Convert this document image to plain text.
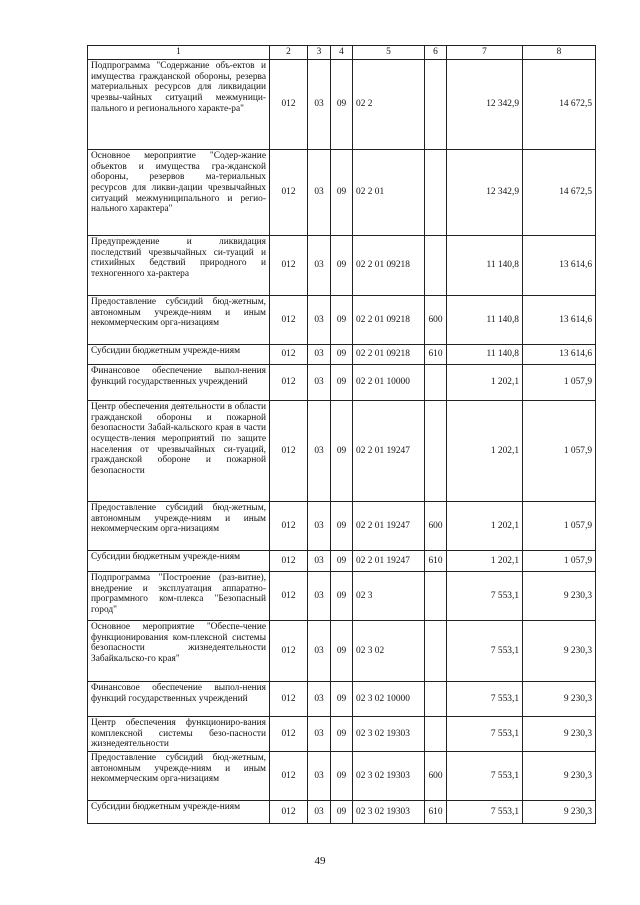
1	2	3	4	5	6	7	8
Подпрограмма "Содержание объ-ектов и имущества гражданской обороны, резерва материальных ресурсов для ликвидации чрезвы-чайных ситуаций межмуници-пального и регионального характе-ра"	012	03	09	02 2		12 342,9	14 672,5
Основное мероприятие "Содер-жание объектов и имущества гра-жданской обороны, резервов ма-териальных ресурсов для ликви-дации чрезвычайных ситуаций межмуниципального и регио-нального характера"	012	03	09	02 2 01		12 342,9	14 672,5
Предупреждение и ликвидация последствий чрезвычайных си-туаций и стихийных бедствий природного и техногенного ха-рактера	012	03	09	02 2 01 09218		11 140,8	13 614,6
Предоставление субсидий бюд-жетным, автономным учрежде-ниям и иным некоммерческим орга-низациям	012	03	09	02 2 01 09218	600	11 140,8	13 614,6
Субсидии бюджетным учрежде-ниям	012	03	09	02 2 01 09218	610	11 140,8	13 614,6
Финансовое обеспечение выпол-нения функций государственных учреждений	012	03	09	02 2 01 10000		1 202,1	1 057,9
Центр обеспечения деятельности в области гражданской обороны и пожарной безопасности Забай-кальского края в части осуществ-ления мероприятий по защите населения от чрезвычайных си-туаций, гражданской обороне и пожарной безопасности	012	03	09	02 2 01 19247		1 202,1	1 057,9
Предоставление субсидий бюд-жетным, автономным учрежде-ниям и иным некоммерческим орга-низациям	012	03	09	02 2 01 19247	600	1 202,1	1 057,9
Субсидии бюджетным учрежде-ниям	012	03	09	02 2 01 19247	610	1 202,1	1 057,9
Подпрограмма "Построение (раз-витие), внедрение и эксплуатация аппаратно-программного ком-плекса "Безопасный город"	012	03	09	02 3		7 553,1	9 230,3
Основное мероприятие "Обеспе-чение функционирования ком-плексной системы безопасности жизнедеятельности Забайкальско-го края"	012	03	09	02 3 02		7 553,1	9 230,3
Финансовое обеспечение выпол-нения функций государственных учреждений	012	03	09	02 3 02 10000		7 553,1	9 230,3
Центр обеспечения функциониро-вания комплексной системы безо-пасности жизнедеятельности	012	03	09	02 3 02 19303		7 553,1	9 230,3
Предоставление субсидий бюд-жетным, автономным учрежде-ниям и иным некоммерческим орга-низациям	012	03	09	02 3 02 19303	600	7 553,1	9 230,3
Субсидии бюджетным учрежде-ниям	012	03	09	02 3 02 19303	610	7 553,1	9 230,3
49
